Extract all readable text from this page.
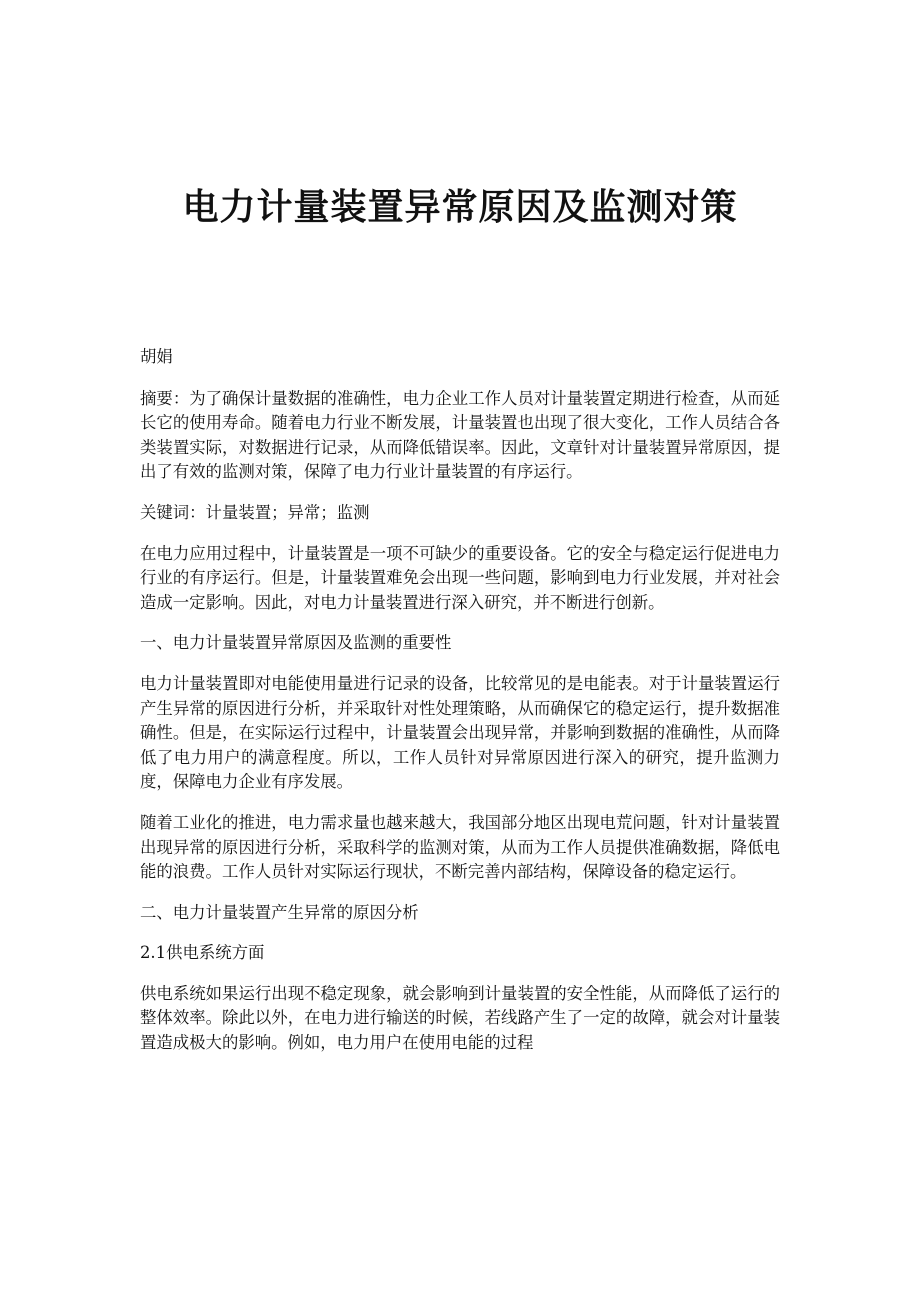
电力计量装置异常原因及监测对策

胡娟

摘要：为了确保计量数据的准确性，电力企业工作人员对计量装置定期进行检查，从而延长它的使用寿命。随着电力行业不断发展，计量装置也出现了很大变化，工作人员结合各类装置实际，对数据进行记录，从而降低错误率。因此，文章针对计量装置异常原因，提出了有效的监测对策，保障了电力行业计量装置的有序运行。

关键词：计量装置；异常；监测

在电力应用过程中，计量装置是一项不可缺少的重要设备。它的安全与稳定运行促进电力行业的有序运行。但是，计量装置难免会出现一些问题，影响到电力行业发展，并对社会造成一定影响。因此，对电力计量装置进行深入研究，并不断进行创新。

一、电力计量装置异常原因及监测的重要性

电力计量装置即对电能使用量进行记录的设备，比较常见的是电能表。对于计量装置运行产生异常的原因进行分析，并采取针对性处理策略，从而确保它的稳定运行，提升数据准确性。但是，在实际运行过程中，计量装置会出现异常，并影响到数据的准确性，从而降低了电力用户的满意程度。所以，工作人员针对异常原因进行深入的研究，提升监测力度，保障电力企业有序发展。

随着工业化的推进，电力需求量也越来越大，我国部分地区出现电荒问题，针对计量装置出现异常的原因进行分析，采取科学的监测对策，从而为工作人员提供准确数据，降低电能的浪费。工作人员针对实际运行现状，不断完善内部结构，保障设备的稳定运行。

二、电力计量装置产生异常的原因分析

2.1供电系统方面

供电系统如果运行出现不稳定现象，就会影响到计量装置的安全性能，从而降低了运行的整体效率。除此以外，在电力进行输送的时候，若线路产生了一定的故障，就会对计量装置造成极大的影响。例如，电力用户在使用电能的过程
